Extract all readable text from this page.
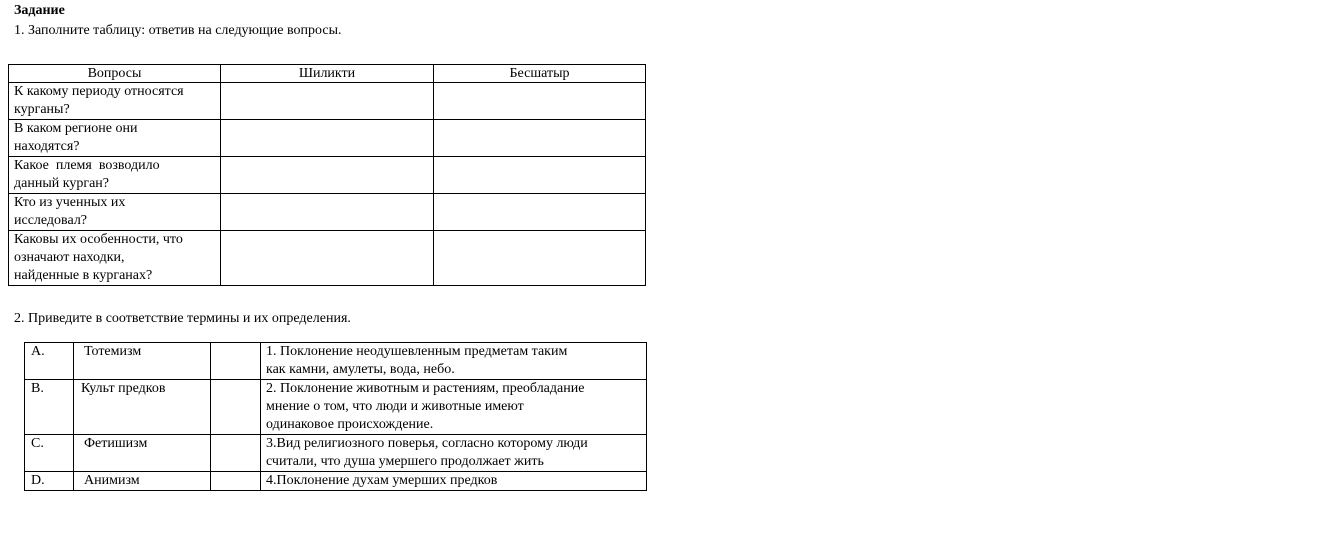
Задание
1. Заполните таблицу: ответив на следующие вопросы.
Вопросы	Шиликти	Бесшатыр

К какому периоду относятся
курганы?		

В каком регионе они
находятся?		

Какое  племя  возводило
данный курган?		

Кто из ученных их
исследовал?		

Каковы их особенности, что
означают находки,
найденные в курганах?		

2. Приведите в соответствие термины и их определения.
A.	Тотемизм		1. Поклонение неодушевленным предметам таким
как камни, амулеты, вода, небо.

B.	Культ предков		2. Поклонение животным и растениям, преобладание
мнение о том, что люди и животные имеют
одинаковое происхождение.

C.	Фетишизм		3.Вид религиозного поверья, согласно которому люди
считали, что душа умершего продолжает жить

D.	Анимизм		4.Поклонение духам умерших предков
